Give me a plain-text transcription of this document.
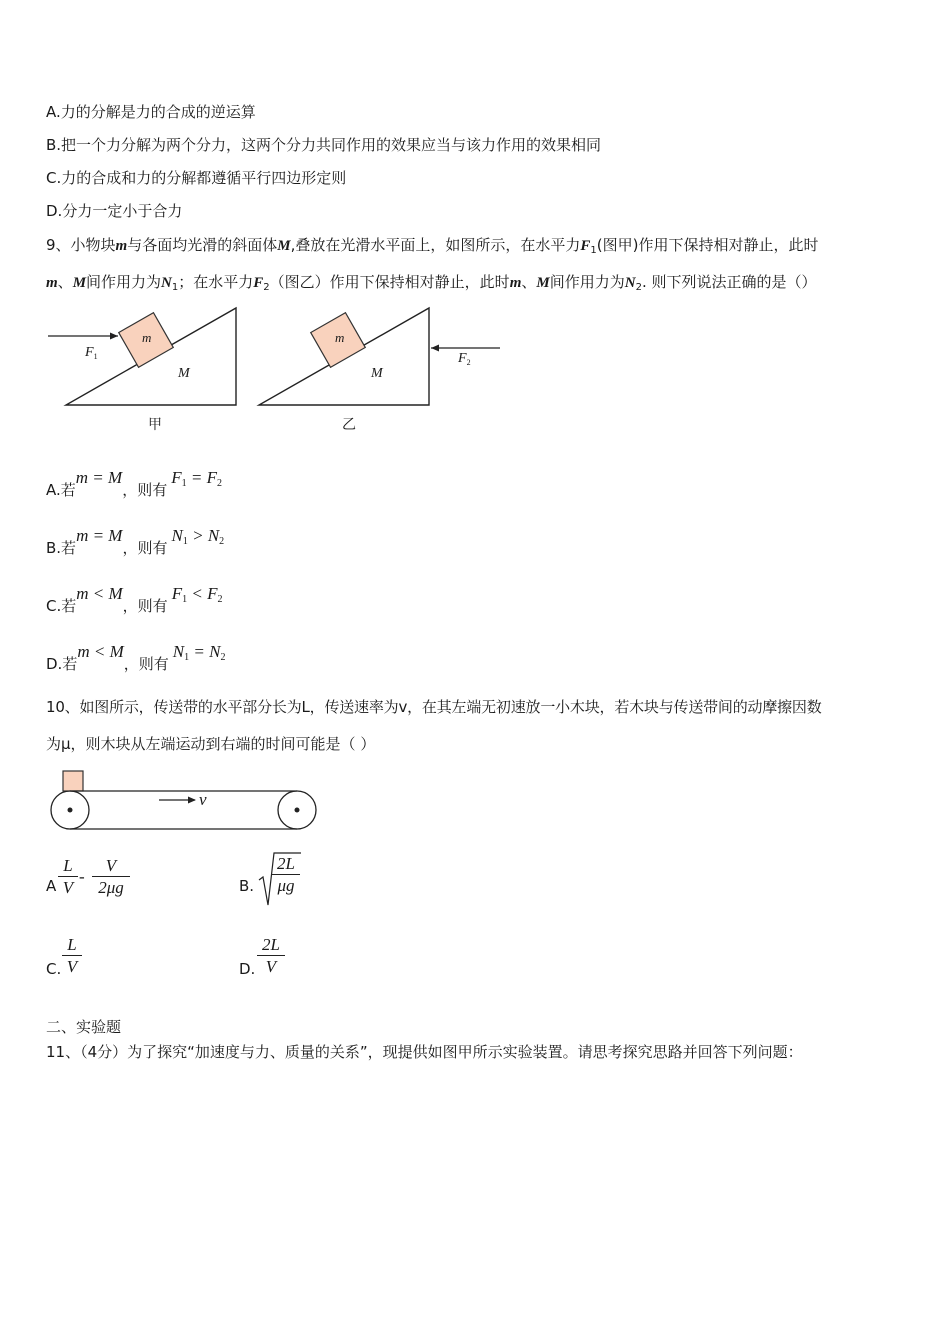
A.力的分解是力的合成的逆运算
B.把一个力分解为两个分力，这两个分力共同作用的效果应当与该力作用的效果相同
C.力的合成和力的分解都遵循平行四边形定则
D.分力一定小于合力
9、小物块m与各面均光滑的斜面体M,叠放在光滑水平面上，如图所示，在水平力$F_1$(图甲)作用下保持相对静止，此时
m、M间作用力为$N_1$；在水平力$F_2$（图乙）作用下保持相对静止，此时m、M间作用力为$N_2$. 则下列说法正确的是（）
m
M
$F_1$
甲
m
M
$F_2$
乙
A.若m = M，则有$F_1 = F_2$
B.若m = M，则有$N_1 > N_2$
C.若m < M，则有$F_1 < F_2$
D.若m < M，则有$N_1 = N_2$
10、如图所示，传送带的水平部分长为L，传送速率为v，在其左端无初速放一小木块，若木块与传送带间的动摩擦因数
为μ，则木块从左端运动到右端的时间可能是（ ）
v
A $\frac{L}{V} - \frac{V}{2\mu g}$	B. $\frac{2L}{\mu g}$
C. $\frac{L}{V}$	D. $\frac{2L}{V}$
二、实验题
11、（4分）为了探究“加速度与力、质量的关系”，现提供如图甲所示实验装置。请思考探究思路并回答下列问题：
